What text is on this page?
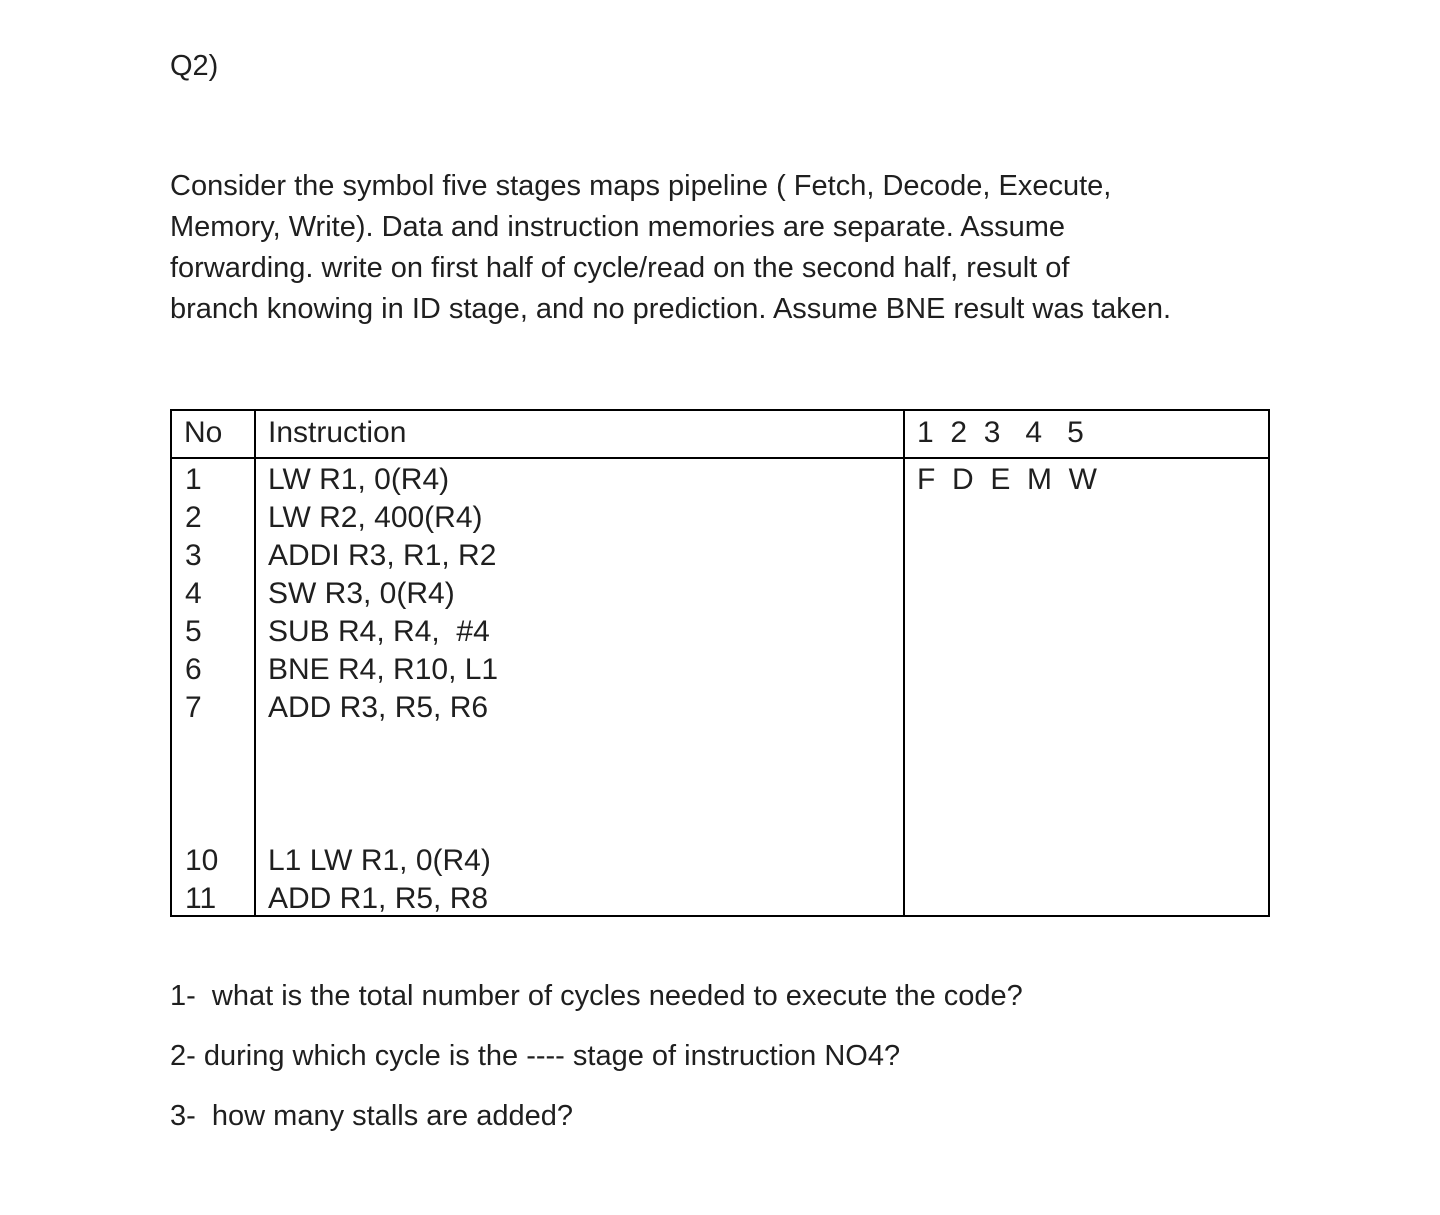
Q2)
Consider the symbol five stages maps pipeline ( Fetch, Decode, Execute,
Memory, Write). Data and instruction memories are separate. Assume
forwarding. write on first half of cycle/read on the second half, result of
branch knowing in ID stage, and no prediction. Assume BNE result was taken.
No Instruction	1  2  3   4   5
1 LW R1, 0(R4)	F  D  E  M  W
2 LW R2, 400(R4)
3 ADDI R3, R1, R2
4 SW R3, 0(R4)
5 SUB R4, R4,  #4
6 BNE R4, R10, L1
7 ADD R3, R5, R6
10 L1 LW R1, 0(R4)
11 ADD R1, R5, R8
1-  what is the total number of cycles needed to execute the code?
2- during which cycle is the ---- stage of instruction NO4?
3-  how many stalls are added?
